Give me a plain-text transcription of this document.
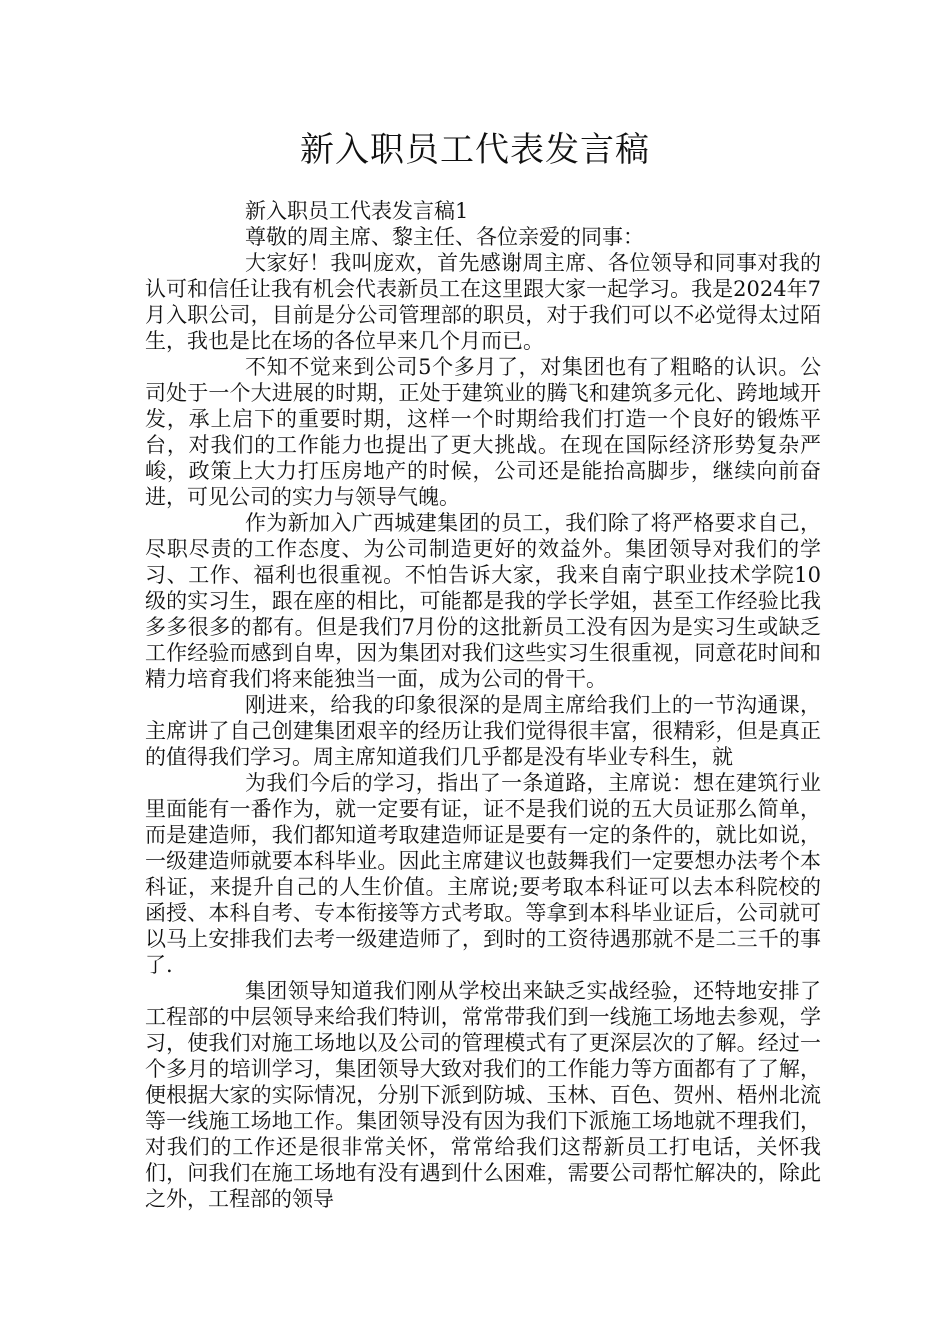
新入职员工代表发言稿

新入职员工代表发言稿1

尊敬的周主席、黎主任、各位亲爱的同事：

大家好！我叫庞欢，首先感谢周主席、各位领导和同事对我的认可和信任让我有机会代表新员工在这里跟大家一起学习。我是2024年7月入职公司，目前是分公司管理部的职员，对于我们可以不必觉得太过陌生，我也是比在场的各位早来几个月而已。

不知不觉来到公司5个多月了，对集团也有了粗略的认识。公司处于一个大进展的时期，正处于建筑业的腾飞和建筑多元化、跨地域开发，承上启下的重要时期，这样一个时期给我们打造一个良好的锻炼平台，对我们的工作能力也提出了更大挑战。在现在国际经济形势复杂严峻，政策上大力打压房地产的时候，公司还是能抬高脚步，继续向前奋进，可见公司的实力与领导气魄。

作为新加入广西城建集团的员工，我们除了将严格要求自己，尽职尽责的工作态度、为公司制造更好的效益外。集团领导对我们的学习、工作、福利也很重视。不怕告诉大家，我来自南宁职业技术学院10级的实习生，跟在座的相比，可能都是我的学长学姐，甚至工作经验比我多多很多的都有。但是我们7月份的这批新员工没有因为是实习生或缺乏工作经验而感到自卑，因为集团对我们这些实习生很重视，同意花时间和精力培育我们将来能独当一面，成为公司的骨干。

刚进来，给我的印象很深的是周主席给我们上的一节沟通课，主席讲了自己创建集团艰辛的经历让我们觉得很丰富，很精彩，但是真正的值得我们学习。周主席知道我们几乎都是没有毕业专科生，就

为我们今后的学习，指出了一条道路，主席说：想在建筑行业里面能有一番作为，就一定要有证，证不是我们说的五大员证那么简单，而是建造师，我们都知道考取建造师证是要有一定的条件的，就比如说，一级建造师就要本科毕业。因此主席建议也鼓舞我们一定要想办法考个本科证，来提升自己的人生价值。主席说;要考取本科证可以去本科院校的函授、本科自考、专本衔接等方式考取。等拿到本科毕业证后，公司就可以马上安排我们去考一级建造师了，到时的工资待遇那就不是二三千的事了.

集团领导知道我们刚从学校出来缺乏实战经验，还特地安排了工程部的中层领导来给我们特训，常常带我们到一线施工场地去参观，学习，使我们对施工场地以及公司的管理模式有了更深层次的了解。经过一个多月的培训学习，集团领导大致对我们的工作能力等方面都有了了解，便根据大家的实际情况，分别下派到防城、玉林、百色、贺州、梧州北流等一线施工场地工作。集团领导没有因为我们下派施工场地就不理我们，对我们的工作还是很非常关怀，常常给我们这帮新员工打电话，关怀我们，问我们在施工场地有没有遇到什么困难，需要公司帮忙解决的，除此之外，工程部的领导
